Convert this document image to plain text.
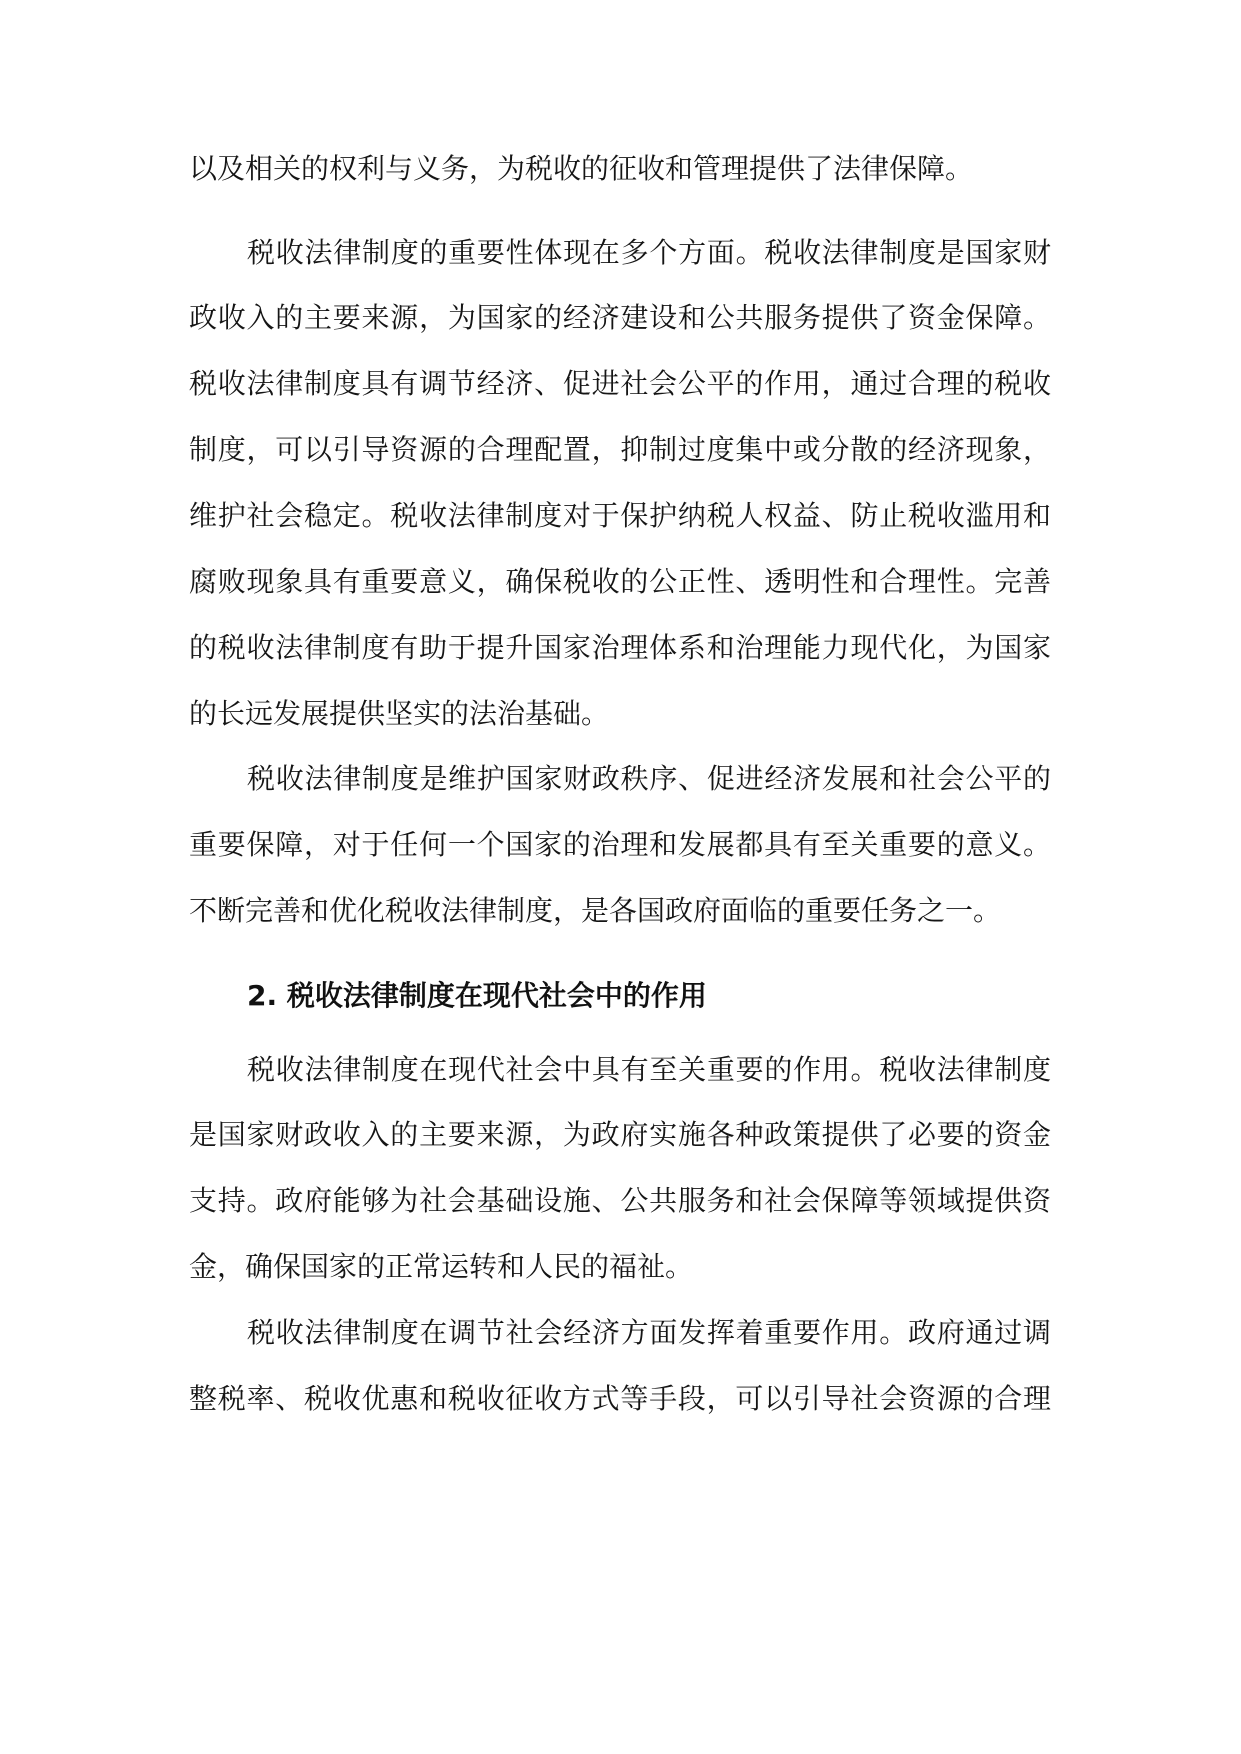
以及相关的权利与义务，为税收的征收和管理提供了法律保障。
税收法律制度的重要性体现在多个方面。税收法律制度是国家财
政收入的主要来源，为国家的经济建设和公共服务提供了资金保障。
税收法律制度具有调节经济、促进社会公平的作用，通过合理的税收
制度，可以引导资源的合理配置，抑制过度集中或分散的经济现象，
维护社会稳定。税收法律制度对于保护纳税人权益、防止税收滥用和
腐败现象具有重要意义，确保税收的公正性、透明性和合理性。完善
的税收法律制度有助于提升国家治理体系和治理能力现代化，为国家
的长远发展提供坚实的法治基础。
税收法律制度是维护国家财政秩序、促进经济发展和社会公平的
重要保障，对于任何一个国家的治理和发展都具有至关重要的意义。
不断完善和优化税收法律制度，是各国政府面临的重要任务之一。
2. 税收法律制度在现代社会中的作用
税收法律制度在现代社会中具有至关重要的作用。税收法律制度
是国家财政收入的主要来源，为政府实施各种政策提供了必要的资金
支持。政府能够为社会基础设施、公共服务和社会保障等领域提供资
金，确保国家的正常运转和人民的福祉。
税收法律制度在调节社会经济方面发挥着重要作用。政府通过调
整税率、税收优惠和税收征收方式等手段，可以引导社会资源的合理
